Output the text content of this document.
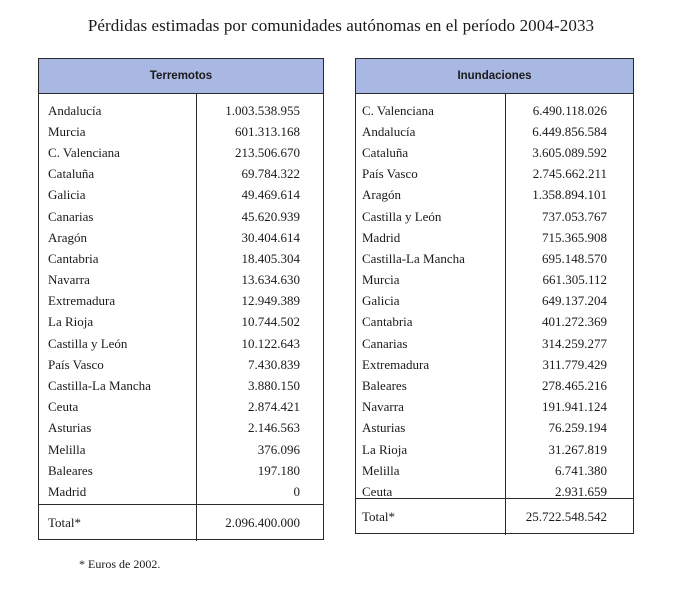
Pérdidas estimadas por comunidades autónomas en el período 2004-2033
Terremotos
Andalucía	1.003.538.955
Murcia	601.313.168
C. Valenciana	213.506.670
Cataluña	69.784.322
Galicia	49.469.614
Canarias	45.620.939
Aragón	30.404.614
Cantabria	18.405.304
Navarra	13.634.630
Extremadura	12.949.389
La Rioja	10.744.502
Castilla y León	10.122.643
País Vasco	7.430.839
Castilla-La Mancha	3.880.150
Ceuta	2.874.421
Asturias	2.146.563
Melilla	376.096
Baleares	197.180
Madrid	0
Total*	2.096.400.000
Inundaciones
C. Valenciana	6.490.118.026
Andalucía	6.449.856.584
Cataluña	3.605.089.592
País Vasco	2.745.662.211
Aragón	1.358.894.101
Castilla y León	737.053.767
Madrid	715.365.908
Castilla-La Mancha	695.148.570
Murcia	661.305.112
Galicia	649.137.204
Cantabria	401.272.369
Canarias	314.259.277
Extremadura	311.779.429
Baleares	278.465.216
Navarra	191.941.124
Asturias	76.259.194
La Rioja	31.267.819
Melilla	6.741.380
Ceuta	2.931.659
Total*	25.722.548.542
* Euros de 2002.
